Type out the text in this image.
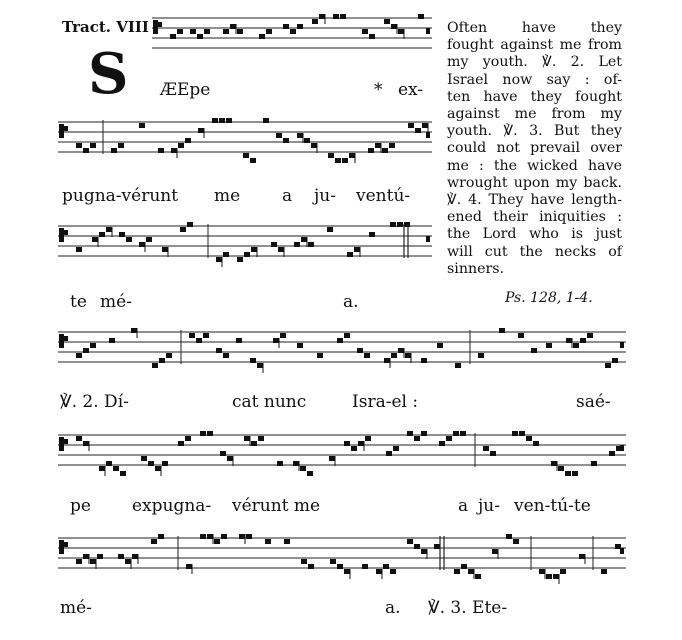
Tract. VIII
S ÆEpe	* ex-
pugna-vérunt me a ju- ventú-
te mé-	a.
℣. 2. Dí-	cat nunc	Isra-el :	saé-
pe expugna- vérunt me	a ju- ven-tú-te
mé-	a. ℣. 3. Ete-
Often have they
fought against me from
my youth. ℣. 2. Let
Israel now say : of-
ten have they fought
against me from my
youth. ℣. 3. But they
could not prevail over
me : the wicked have
wrought upon my back.
℣. 4. They have length-
ened their iniquities :
the Lord who is just
will cut the necks of
sinners.
Ps. 128, 1-4.
